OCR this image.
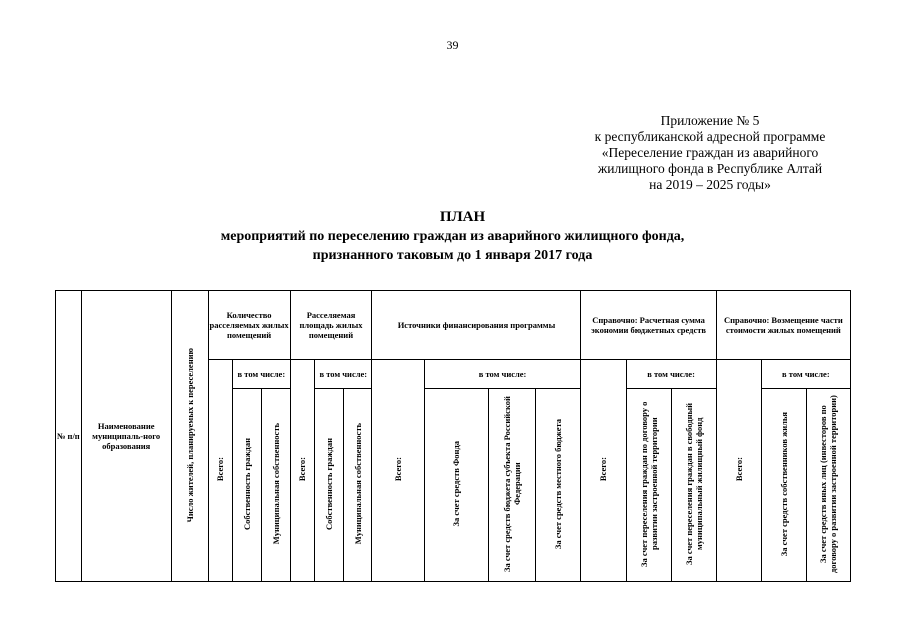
39
Приложение № 5
к республиканской адресной программе
«Переселение граждан из аварийного
жилищного фонда в Республике Алтай
на 2019 – 2025 годы»
ПЛАН
мероприятий по переселению граждан из аварийного жилищного фонда,
признанного таковым до 1 января 2017 года
№ п/п	Наименование муниципаль-ного образования	Число жителей, планируемых к переселению	Количество расселяемых жилых помещений			Расселяемая площадь жилых помещений			Источники финансирования программы				Справочно: Расчетная сумма экономии бюджетных средств			Справочно: Возмещение части стоимости жилых помещений		
			Всего:	в том числе:		Всего:	в том числе:		Всего:	в том числе:			Всего:	в том числе:		Всего:	в том числе:	
				Собственность граждан	Муниципальная собственность		Собственность граждан	Муниципальная собственность		За счет средств Фонда	За счет средств бюджета субъекта Российской Федерации	За счет средств местного бюджета		За счет переселения граждан по договору о развитии застроенной территории	За счет переселения граждан в свободный муниципальный жилищный фонд		За счет средств собственников жилья	За счет средств иных лиц (инвесторов по договору о развитии застроенной территории)
